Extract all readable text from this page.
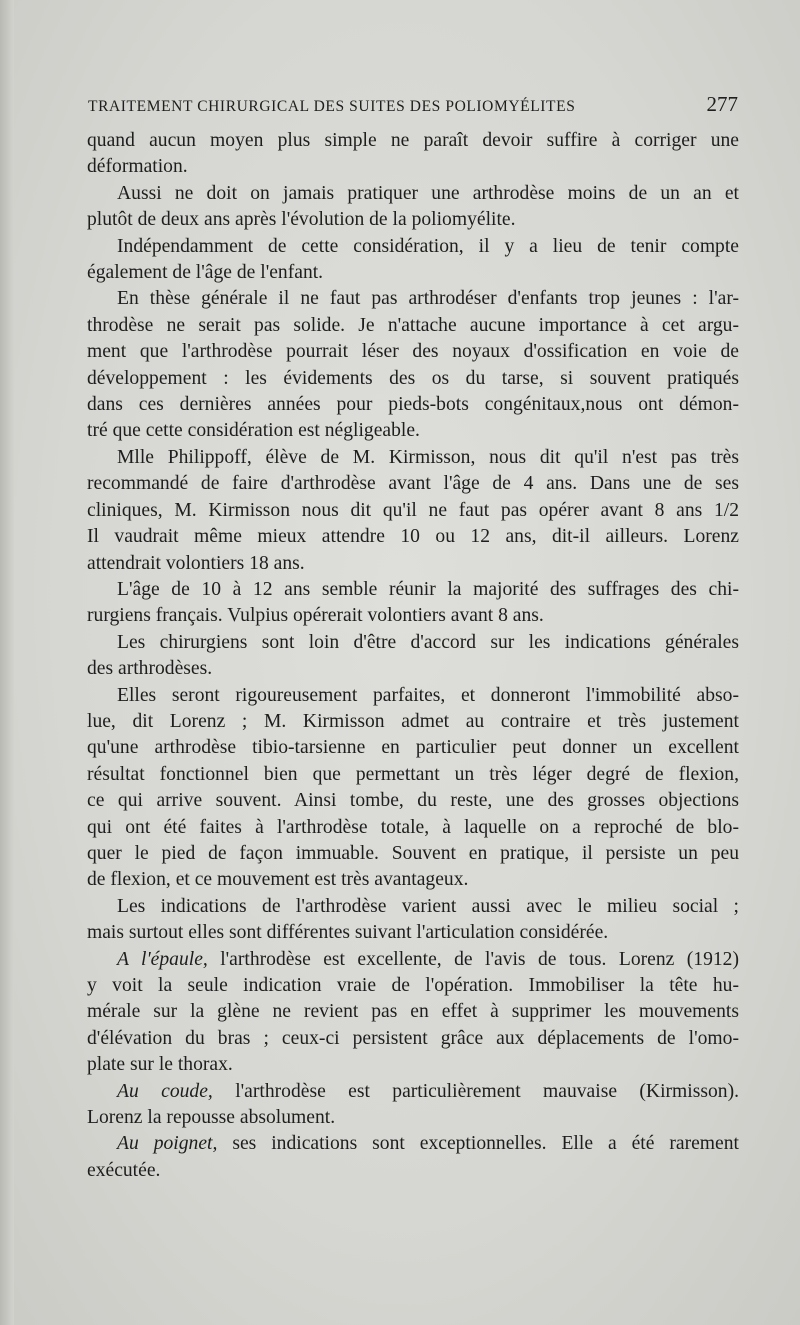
TRAITEMENT CHIRURGICAL DES SUITES DES POLIOMYÉLITES	277
quand aucun moyen plus simple ne paraît devoir suffire à corriger une
déformation.
Aussi ne doit on jamais pratiquer une arthrodèse moins de un an et
plutôt de deux ans après l'évolution de la poliomyélite.
Indépendamment de cette considération, il y a lieu de tenir compte
également de l'âge de l'enfant.
En thèse générale il ne faut pas arthrodéser d'enfants trop jeunes : l'ar-
throdèse ne serait pas solide. Je n'attache aucune importance à cet argu-
ment que l'arthrodèse pourrait léser des noyaux d'ossification en voie de
développement : les évidements des os du tarse, si souvent pratiqués
dans ces dernières années pour pieds-bots congénitaux,nous ont démon-
tré que cette considération est négligeable.
Mlle Philippoff, élève de M. Kirmisson, nous dit qu'il n'est pas très
recommandé de faire d'arthrodèse avant l'âge de 4 ans. Dans une de ses
cliniques, M. Kirmisson nous dit qu'il ne faut pas opérer avant 8 ans 1/2
Il vaudrait même mieux attendre 10 ou 12 ans, dit-il ailleurs. Lorenz
attendrait volontiers 18 ans.
L'âge de 10 à 12 ans semble réunir la majorité des suffrages des chi-
rurgiens français. Vulpius opérerait volontiers avant 8 ans.
Les chirurgiens sont loin d'être d'accord sur les indications générales
des arthrodèses.
Elles seront rigoureusement parfaites, et donneront l'immobilité abso-
lue, dit Lorenz ; M. Kirmisson admet au contraire et très justement
qu'une arthrodèse tibio-tarsienne en particulier peut donner un excellent
résultat fonctionnel bien que permettant un très léger degré de flexion,
ce qui arrive souvent. Ainsi tombe, du reste, une des grosses objections
qui ont été faites à l'arthrodèse totale, à laquelle on a reproché de blo-
quer le pied de façon immuable. Souvent en pratique, il persiste un peu
de flexion, et ce mouvement est très avantageux.
Les indications de l'arthrodèse varient aussi avec le milieu social ;
mais surtout elles sont différentes suivant l'articulation considérée.
A l'épaule, l'arthrodèse est excellente, de l'avis de tous. Lorenz (1912)
y voit la seule indication vraie de l'opération. Immobiliser la tête hu-
mérale sur la glène ne revient pas en effet à supprimer les mouvements
d'élévation du bras ; ceux-ci persistent grâce aux déplacements de l'omo-
plate sur le thorax.
Au coude, l'arthrodèse est particulièrement mauvaise (Kirmisson).
Lorenz la repousse absolument.
Au poignet, ses indications sont exceptionnelles. Elle a été rarement
exécutée.
